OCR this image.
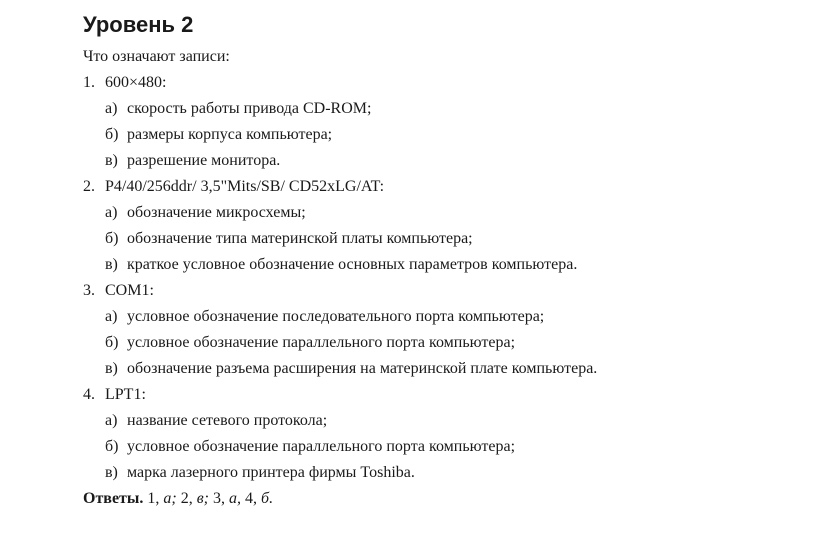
Уровень 2

Что означают записи:

1. 600×480:

а) скорость работы привода CD-ROM;

б) размеры корпуса компьютера;

в) разрешение монитора.

2. P4/40/256ddr/ 3,5"Mits/SB/ CD52xLG/AT:

а) обозначение микросхемы;

б) обозначение типа материнской платы компьютера;

в) краткое условное обозначение основных параметров компьютера.

3. COM1:

а) условное обозначение последовательного порта компьютера;

б) условное обозначение параллельного порта компьютера;

в) обозначение разъема расширения на материнской плате компьютера.

4. LPT1:

а) название сетевого протокола;

б) условное обозначение параллельного порта компьютера;

в) марка лазерного принтера фирмы Toshiba.

Ответы. 1, а; 2, в; 3, а, 4, б.
